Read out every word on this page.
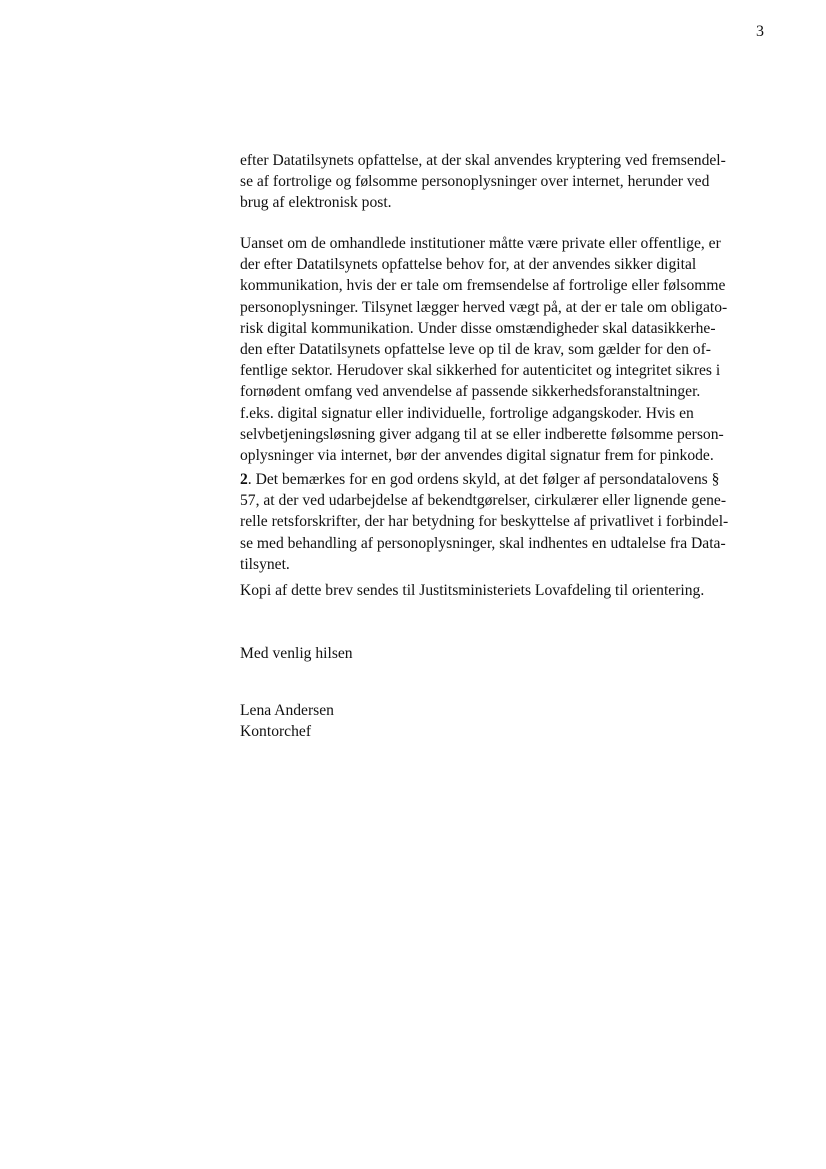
3
efter Datatilsynets opfattelse, at der skal anvendes kryptering ved fremsendel-
se af fortrolige og følsomme personoplysninger over internet, herunder ved
brug af elektronisk post.
Uanset om de omhandlede institutioner måtte være private eller offentlige, er
der efter Datatilsynets opfattelse behov for, at der anvendes sikker digital
kommunikation, hvis der er tale om fremsendelse af fortrolige eller følsomme
personoplysninger. Tilsynet lægger herved vægt på, at der er tale om obligato-
risk digital kommunikation. Under disse omstændigheder skal datasikkerhe-
den efter Datatilsynets opfattelse leve op til de krav, som gælder for den of-
fentlige sektor. Herudover skal sikkerhed for autenticitet og integritet sikres i
fornødent omfang ved anvendelse af passende sikkerhedsforanstaltninger.
f.eks. digital signatur eller individuelle, fortrolige adgangskoder. Hvis en
selvbetjeningsløsning giver adgang til at se eller indberette følsomme person-
oplysninger via internet, bør der anvendes digital signatur frem for pinkode.
2. Det bemærkes for en god ordens skyld, at det følger af persondatalovens §
57, at der ved udarbejdelse af bekendtgørelser, cirkulærer eller lignende gene-
relle retsforskrifter, der har betydning for beskyttelse af privatlivet i forbindel-
se med behandling af personoplysninger, skal indhentes en udtalelse fra Data-
tilsynet.
Kopi af dette brev sendes til Justitsministeriets Lovafdeling til orientering.
Med venlig hilsen
Lena Andersen
Kontorchef
